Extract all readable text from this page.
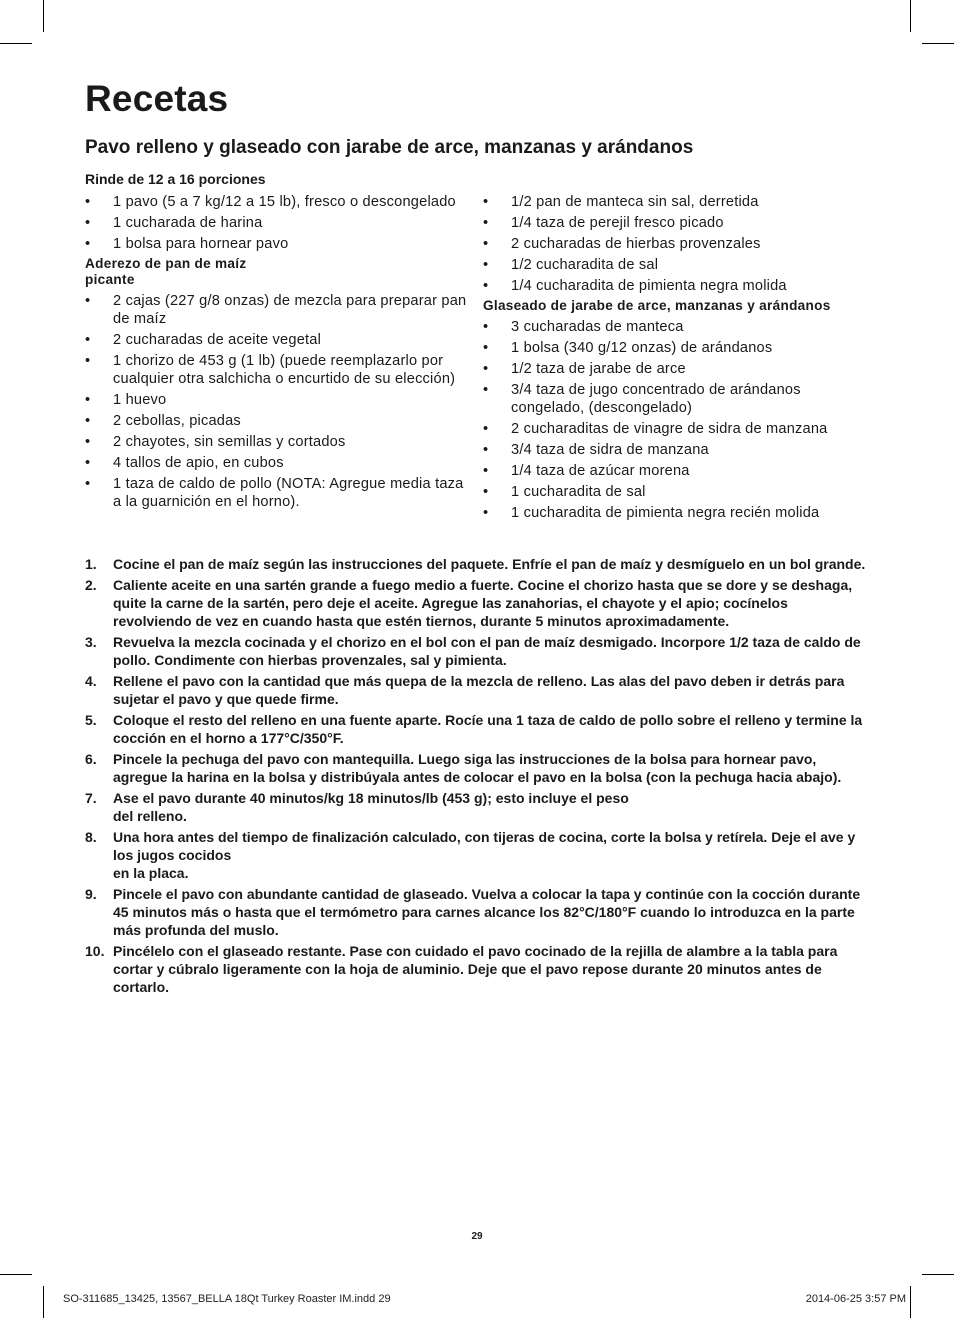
Recetas
Pavo relleno y glaseado con jarabe de arce, manzanas y arándanos
Rinde de 12 a 16 porciones
• 1 pavo (5 a 7 kg/12 a 15 lb), fresco o descongelado
• 1 cucharada de harina
• 1 bolsa para hornear pavo
Aderezo de pan de maíz picante
• 2 cajas (227 g/8 onzas) de mezcla para preparar pan de maíz
• 2 cucharadas de aceite vegetal
• 1 chorizo de 453 g (1 lb) (puede reemplazarlo por cualquier otra salchicha o encurtido de su elección)
• 1 huevo
• 2 cebollas, picadas
• 2 chayotes, sin semillas y cortados
• 4 tallos de apio, en cubos
• 1 taza de caldo de pollo (NOTA: Agregue media taza a la guarnición en el horno).
• 1/2 pan de manteca sin sal, derretida
• 1/4 taza de perejil fresco picado
• 2 cucharadas de hierbas provenzales
• 1/2 cucharadita de sal
• 1/4 cucharadita de pimienta negra molida
Glaseado de jarabe de arce, manzanas y arándanos
• 3 cucharadas de manteca
• 1 bolsa (340 g/12 onzas) de arándanos
• 1/2 taza de jarabe de arce
• 3/4 taza de jugo concentrado de arándanos congelado, (descongelado)
• 2 cucharaditas de vinagre de sidra de manzana
• 3/4 taza de sidra de manzana
• 1/4 taza de azúcar morena
• 1 cucharadita de sal
• 1 cucharadita de pimienta negra recién molida
1. Cocine el pan de maíz según las instrucciones del paquete. Enfríe el pan de maíz y desmíguelo en un bol grande.
2. Caliente aceite en una sartén grande a fuego medio a fuerte. Cocine el chorizo hasta que se dore y se deshaga, quite la carne de la sartén, pero deje el aceite. Agregue las zanahorias, el chayote y el apio; cocínelos revolviendo de vez en cuando hasta que estén tiernos, durante 5 minutos aproximadamente.
3. Revuelva la mezcla cocinada y el chorizo en el bol con el pan de maíz desmigado. Incorpore 1/2 taza de caldo de pollo. Condimente con hierbas provenzales, sal y pimienta.
4. Rellene el pavo con la cantidad que más quepa de la mezcla de relleno. Las alas del pavo deben ir detrás para sujetar el pavo y que quede firme.
5. Coloque el resto del relleno en una fuente aparte. Rocíe una 1 taza de caldo de pollo sobre el relleno y termine la cocción en el horno a 177°C/350°F.
6. Pincele la pechuga del pavo con mantequilla. Luego siga las instrucciones de la bolsa para hornear pavo, agregue la harina en la bolsa y distribúyala antes de colocar el pavo en la bolsa (con la pechuga hacia abajo).
7. Ase el pavo durante 40 minutos/kg 18 minutos/lb (453 g); esto incluye el peso
del relleno.
8. Una hora antes del tiempo de finalización calculado, con tijeras de cocina, corte la bolsa y retírela. Deje el ave y los jugos cocidos
en la placa.
9. Pincele el pavo con abundante cantidad de glaseado. Vuelva a colocar la tapa y continúe con la cocción durante 45 minutos más o hasta que el termómetro para carnes alcance los 82°C/180°F cuando lo introduzca en la parte más profunda del muslo.
10. Pincélelo con el glaseado restante. Pase con cuidado el pavo cocinado de la rejilla de alambre a la tabla para cortar y cúbralo ligeramente con la hoja de aluminio. Deje que el pavo repose durante 20 minutos antes de cortarlo.
29
SO-311685_13425, 13567_BELLA 18Qt Turkey Roaster IM.indd 29	2014-06-25 3:57 PM
